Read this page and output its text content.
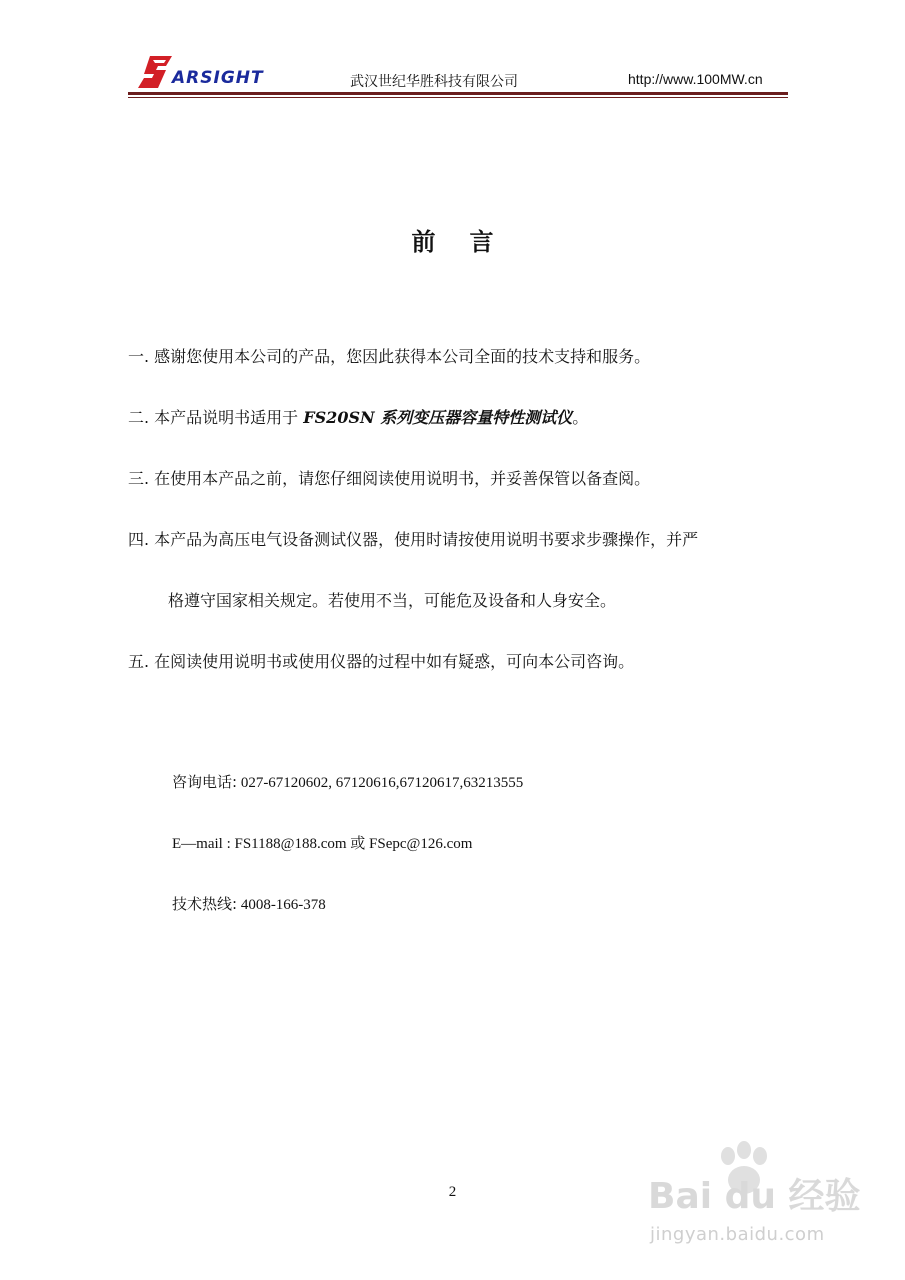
ARSIGHT	武汉世纪华胜科技有限公司	http://www.100MW.cn
前言
一. 感谢您使用本公司的产品，您因此获得本公司全面的技术支持和服务。
二. 本产品说明书适用于 FS20SN 系列变压器容量特性测试仪。
三. 在使用本产品之前，请您仔细阅读使用说明书，并妥善保管以备查阅。
四. 本产品为高压电气设备测试仪器，使用时请按使用说明书要求步骤操作，并严
格遵守国家相关规定。若使用不当，可能危及设备和人身安全。
五. 在阅读使用说明书或使用仪器的过程中如有疑惑，可向本公司咨询。
咨询电话: 027-67120602, 67120616,67120617,63213555
E—mail : FS1188@188.com 或 FSepc@126.com
技术热线: 4008-166-378
2	Bai du 经验
jingyan.baidu.com
